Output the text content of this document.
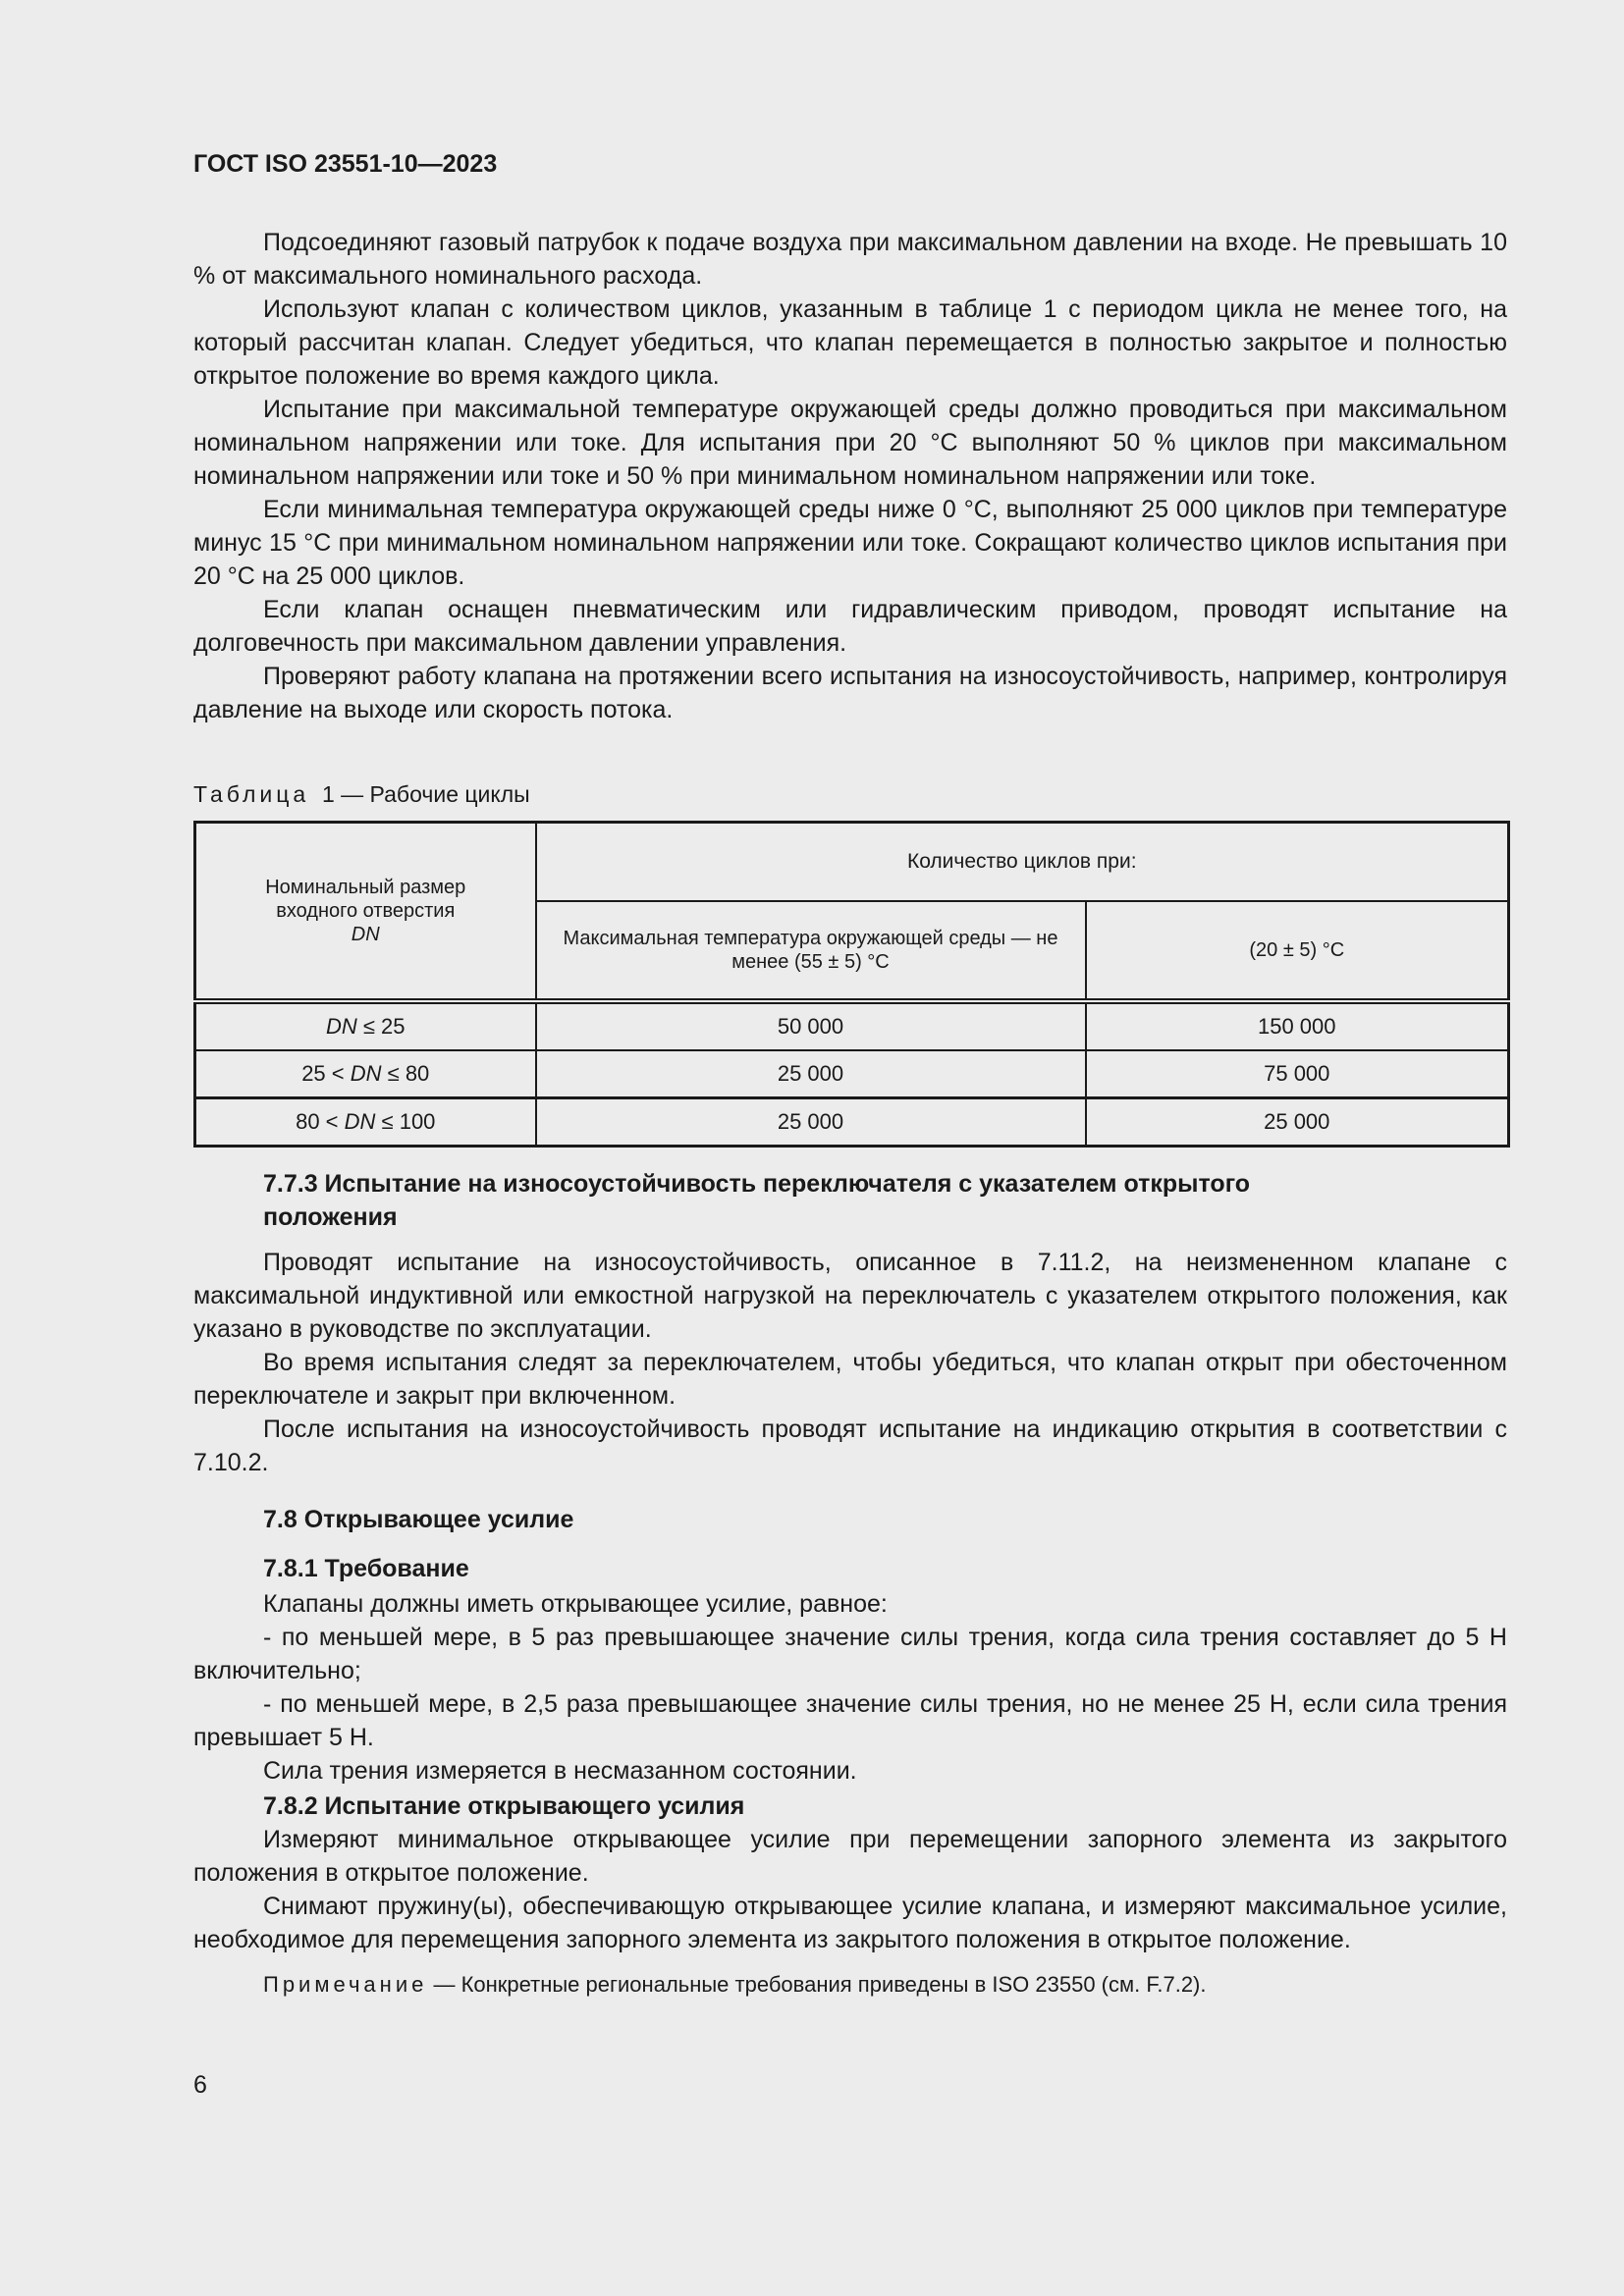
ГОСТ ISO 23551-10—2023

Подсоединяют газовый патрубок к подаче воздуха при максимальном давлении на входе. Не превышать 10 % от максимального номинального расхода.

Используют клапан с количеством циклов, указанным в таблице 1 с периодом цикла не менее того, на который рассчитан клапан. Следует убедиться, что клапан перемещается в полностью закрытое и полностью открытое положение во время каждого цикла.

Испытание при максимальной температуре окружающей среды должно проводиться при максимальном номинальном напряжении или токе. Для испытания при 20 °С выполняют 50 % циклов при максимальном номинальном напряжении или токе и 50 % при минимальном номинальном напряжении или токе.

Если минимальная температура окружающей среды ниже 0 °С, выполняют 25 000 циклов при температуре минус 15 °С при минимальном номинальном напряжении или токе. Сокращают количество циклов испытания при 20 °С на 25 000 циклов.

Если клапан оснащен пневматическим или гидравлическим приводом, проводят испытание на долговечность при максимальном давлении управления.

Проверяют работу клапана на протяжении всего испытания на износоустойчивость, например, контролируя давление на выходе или скорость потока.

Таблица 1 — Рабочие циклы

Номинальный размер
входного отверстия
DN	Количество циклов при:	
	Максимальная температура окружающей среды — не менее (55 ± 5) °С	(20 ± 5) °С
DN ≤ 25	50 000	150 000
25 < DN ≤ 80	25 000	75 000
80 < DN ≤ 100	25 000	25 000
7.7.3 Испытание на износоустойчивость переключателя с указателем открытого
положения

Проводят испытание на износоустойчивость, описанное в 7.11.2, на неизмененном клапане с максимальной индуктивной или емкостной нагрузкой на переключатель с указателем открытого положения, как указано в руководстве по эксплуатации.

Во время испытания следят за переключателем, чтобы убедиться, что клапан открыт при обесточенном переключателе и закрыт при включенном.

После испытания на износоустойчивость проводят испытание на индикацию открытия в соответствии с 7.10.2.

7.8 Открывающее усилие

7.8.1 Требование

Клапаны должны иметь открывающее усилие, равное:

- по меньшей мере, в 5 раз превышающее значение силы трения, когда сила трения составляет до 5 Н включительно;

- по меньшей мере, в 2,5 раза превышающее значение силы трения, но не менее 25 Н, если сила трения превышает 5 Н.

Сила трения измеряется в несмазанном состоянии.

7.8.2 Испытание открывающего усилия

Измеряют минимальное открывающее усилие при перемещении запорного элемента из закрытого положения в открытое положение.

Снимают пружину(ы), обеспечивающую открывающее усилие клапана, и измеряют максимальное усилие, необходимое для перемещения запорного элемента из закрытого положения в открытое положение.

Примечание — Конкретные региональные требования приведены в ISO 23550 (см. F.7.2).

6
